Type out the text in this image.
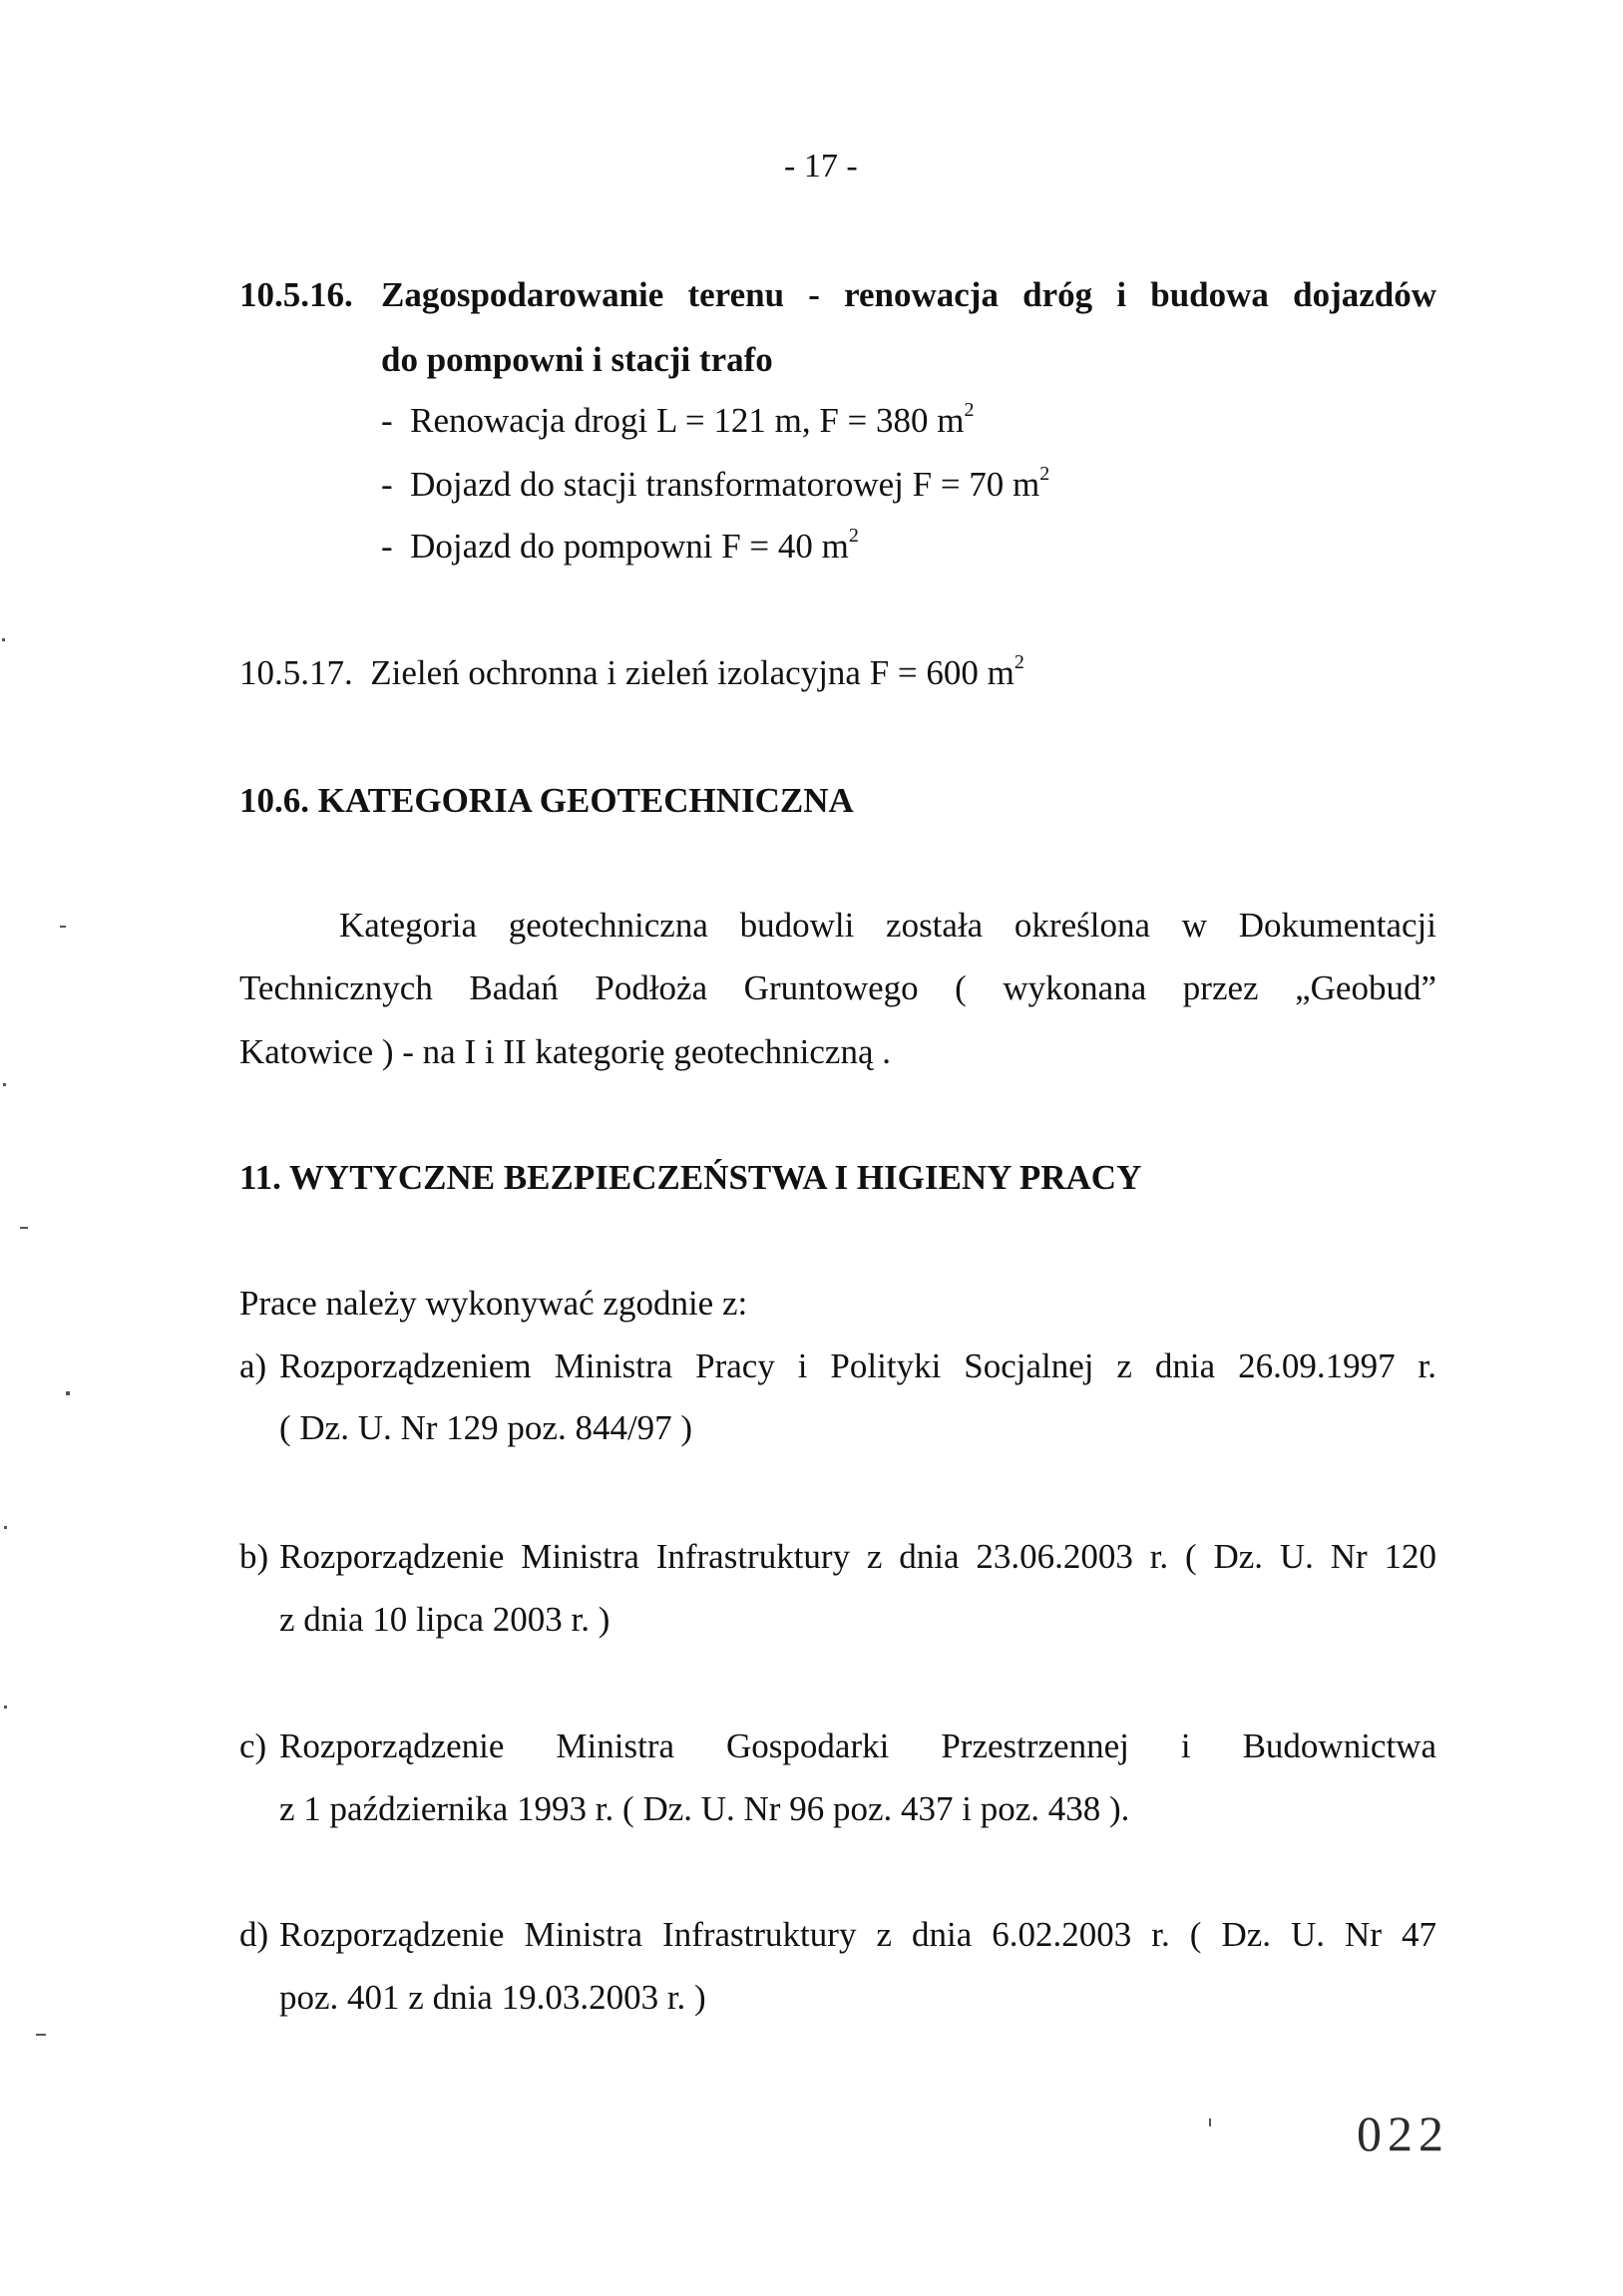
- 17 -
10.5.16. Zagospodarowanie terenu - renowacja dróg i budowa dojazdów
do pompowni i stacji trafo
- Renowacja drogi L = 121 m, F = 380 $m^2$
- Dojazd do stacji transformatorowej F = 70 $m^2$
- Dojazd do pompowni F = 40 $m^2$
10.5.17. Zieleń ochronna i zieleń izolacyjna F = 600 $m^2$
10.6. KATEGORIA GEOTECHNICZNA
Kategoria geotechniczna budowli została określona w Dokumentacji
Technicznych Badań Podłoża Gruntowego ( wykonana przez „Geobud”
Katowice ) - na I i II kategorię geotechniczną .
11. WYTYCZNE BEZPIECZEŃSTWA I HIGIENY PRACY
Prace należy wykonywać zgodnie z:
a) Rozporządzeniem Ministra Pracy i Polityki Socjalnej z dnia 26.09.1997 r.
( Dz. U. Nr 129 poz. 844/97 )
b) Rozporządzenie Ministra Infrastruktury z dnia 23.06.2003 r. ( Dz. U. Nr 120
z dnia 10 lipca 2003 r. )
c) Rozporządzenie Ministra Gospodarki Przestrzennej i Budownictwa
z 1 października 1993 r. ( Dz. U. Nr 96 poz. 437 i poz. 438 ).
d) Rozporządzenie Ministra Infrastruktury z dnia 6.02.2003 r. ( Dz. U. Nr 47
poz. 401 z dnia 19.03.2003 r. )
022
